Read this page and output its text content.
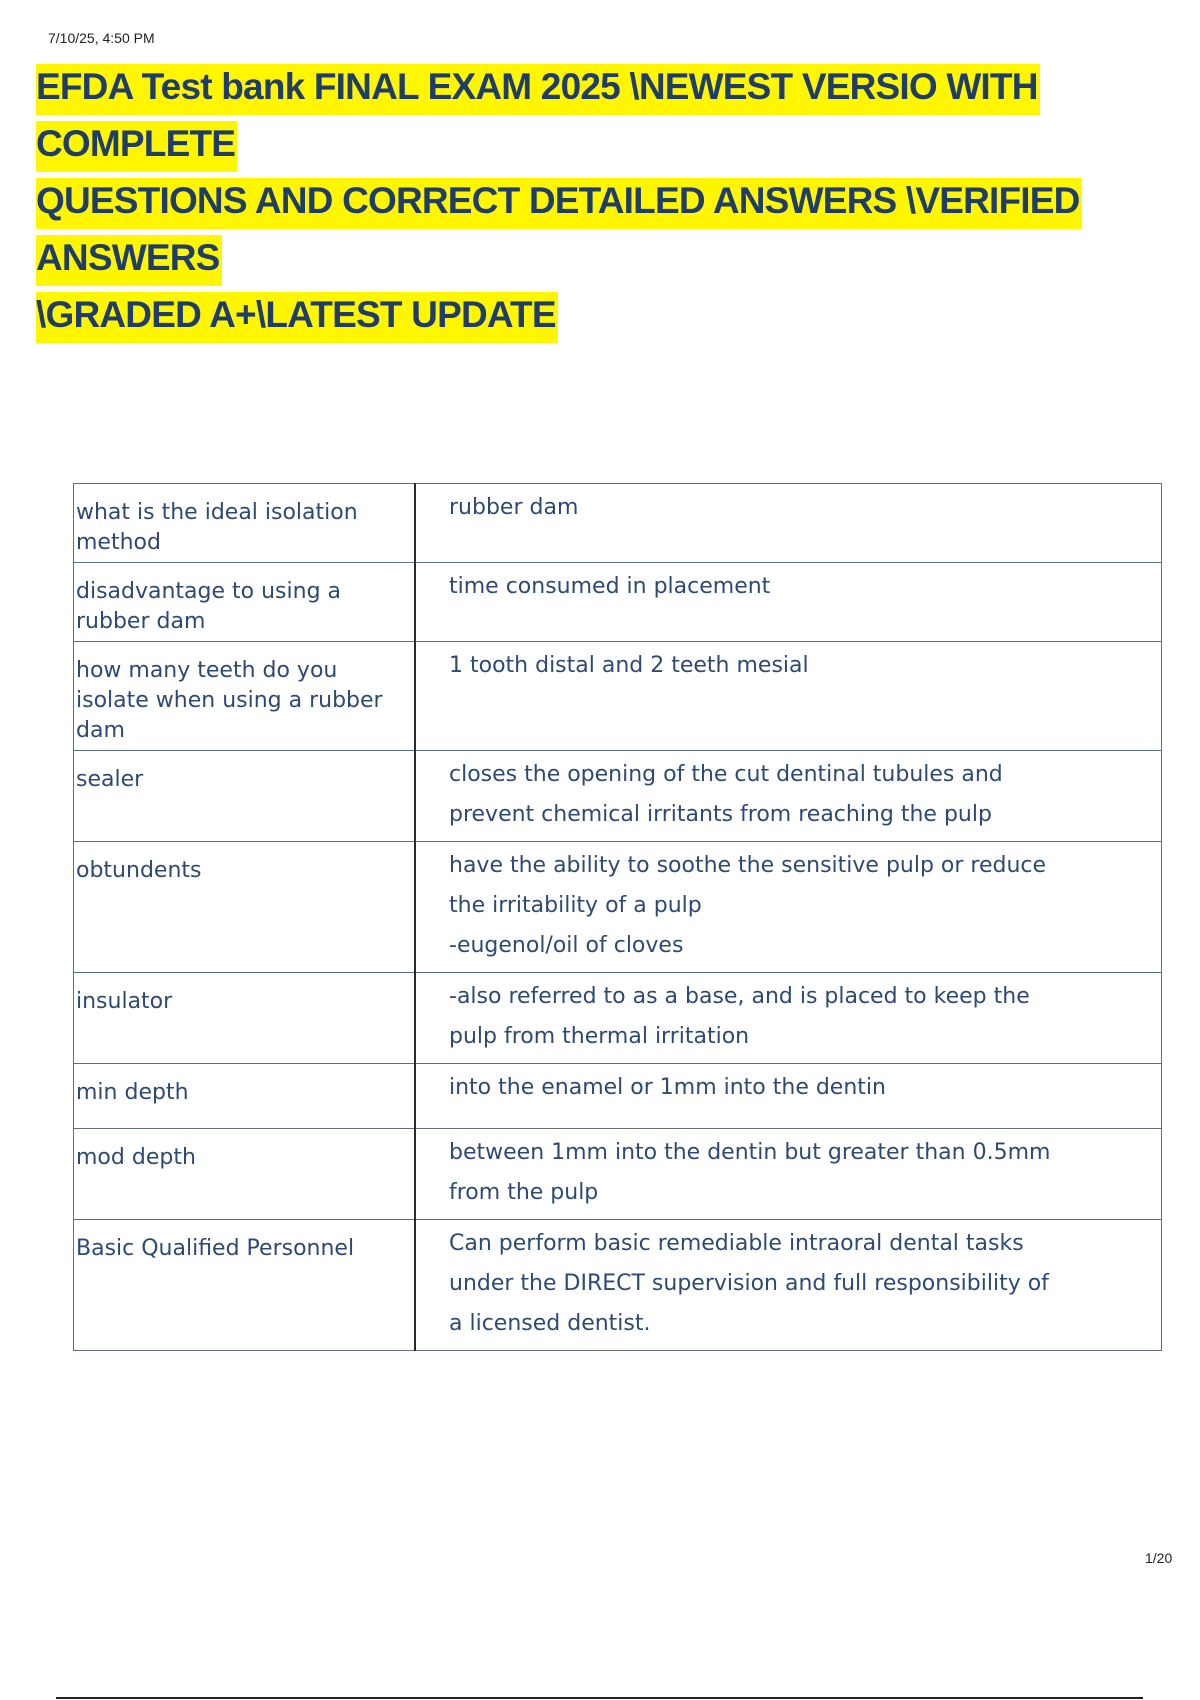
7/10/25, 4:50 PM
EFDA Test bank FINAL EXAM 2025 \NEWEST VERSIO WITH COMPLETE
QUESTIONS AND CORRECT DETAILED ANSWERS \VERIFIED ANSWERS
\GRADED A+\LATEST UPDATE
what is the ideal isolation method	rubber dam

disadvantage to using a rubber dam	time consumed in placement

how many teeth do you isolate when using a rubber dam	1 tooth distal and 2 teeth mesial

sealer	closes the opening of the cut dentinal tubules and
prevent chemical irritants from reaching the pulp

obtundents	have the ability to soothe the sensitive pulp or reduce
the irritability of a pulp
-eugenol/oil of cloves

insulator	-also referred to as a base, and is placed to keep the
pulp from thermal irritation

min depth	into the enamel or 1mm into the dentin

mod depth	between 1mm into the dentin but greater than 0.5mm
from the pulp

Basic Qualified Personnel	Can perform basic remediable intraoral dental tasks
under the DIRECT supervision and full responsibility of
a licensed dentist.
1/20
